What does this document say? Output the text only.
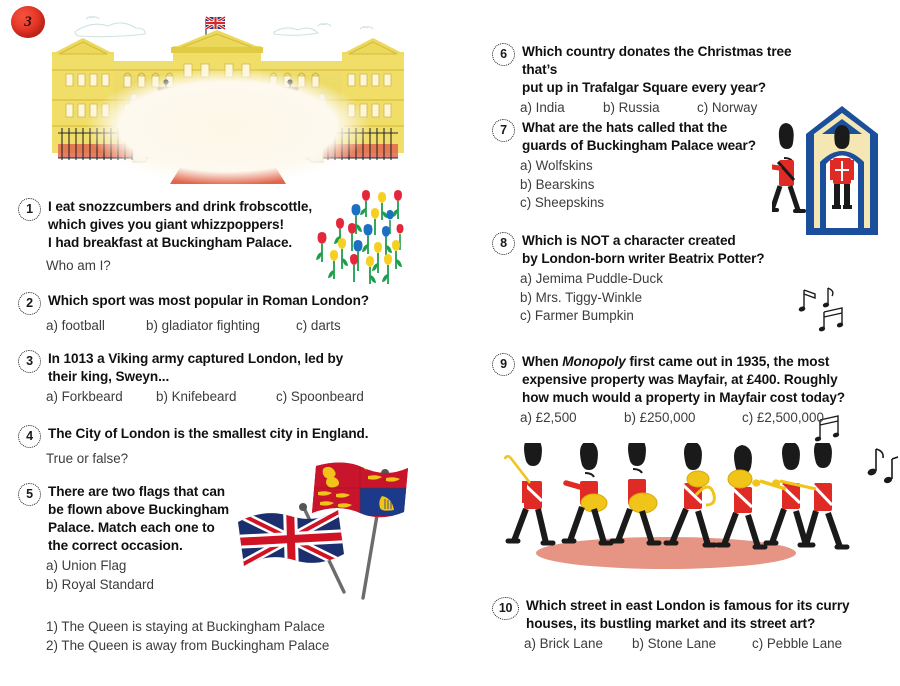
3
1 I eat snozzcumbers and drink frobscottle,
which gives you giant whizzpoppers!
I had breakfast at Buckingham Palace.
Who am I?
2 Which sport was most popular in Roman London?
a) football	b) gladiator fighting	c) darts
3 In 1013 a Viking army captured London, led by
their king, Sweyn...
a) Forkbeard	b) Knifebeard	c) Spoonbeard
4 The City of London is the smallest city in England.
True or false?
5 There are two flags that can
be flown above Buckingham
Palace. Match each one to
the correct occasion.
a) Union Flag
b) Royal Standard
1) The Queen is staying at Buckingham Palace
2) The Queen is away from Buckingham Palace
6 Which country donates the Christmas tree that’s
put up in Trafalgar Square every year?
a) India	b) Russia	c) Norway
7 What are the hats called that the
guards of Buckingham Palace wear?
a) Wolfskins
b) Bearskins
c) Sheepskins
8 Which is NOT a character created
by London-born writer Beatrix Potter?
a) Jemima Puddle-Duck
b) Mrs. Tiggy-Winkle
c) Farmer Bumpkin
9 When Monopoly first came out in 1935, the most
expensive property was Mayfair, at £400. Roughly
how much would a property in Mayfair cost today?
a) £2,500	b) £250,000	c) £2,500,000
10 Which street in east London is famous for its curry
houses, its bustling market and its street art?
a) Brick Lane	b) Stone Lane	c) Pebble Lane
